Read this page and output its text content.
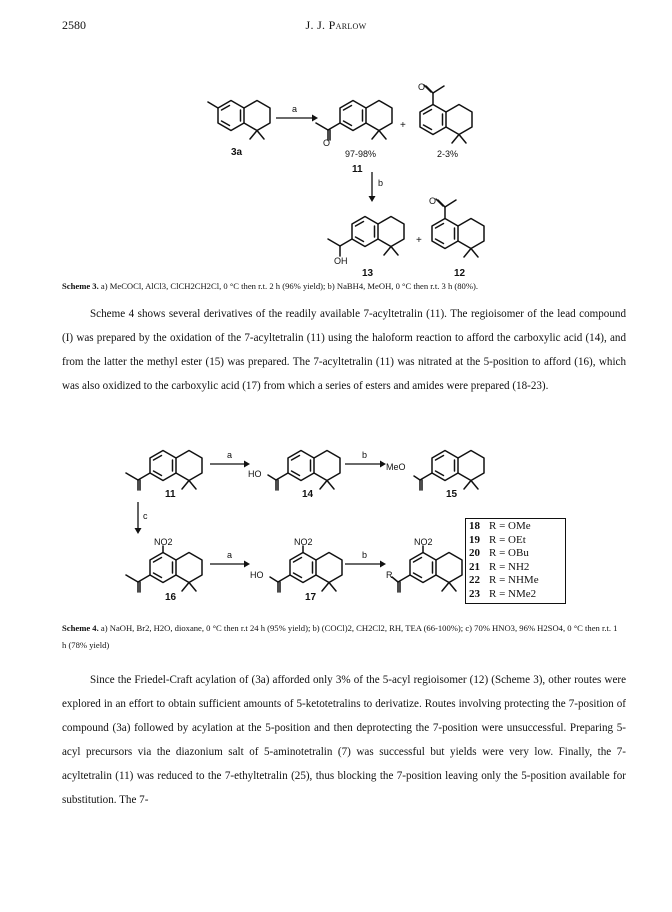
2580	J. J. Parlow
3a
a
O
97-98%
11
+
O
2-3%
b
OH
13
+
O
12
Scheme 3. a) MeCOCl, AlCl3, ClCH2CH2Cl, 0 °C then r.t. 2 h (96% yield); b) NaBH4, MeOH, 0 °C then r.t. 3 h (80%).
Scheme 4 shows several derivatives of the readily available 7-acyltetralin (11). The regioisomer of the lead compound (I) was prepared by the oxidation of the 7-acyltetralin (11) using the haloform reaction to afford the carboxylic acid (14), and from the latter the methyl ester (15) was prepared. The 7-acyltetralin (11) was nitrated at the 5-position to afford (16), which was also oxidized to the carboxylic acid (17) from which a series of esters and amides were prepared (18-23).
11
a
HO
14
b
MeO
15
c
NO2
16
a
NO2
HO
17
b
NO2
R
18 R = OMe
19 R = OEt
20 R = OBu
21 R = NH2
22 R = NHMe
23 R = NMe2
Scheme 4. a) NaOH, Br2, H2O, dioxane, 0 °C then r.t 24 h (95% yield); b) (COCl)2, CH2Cl2, RH, TEA (66-100%); c) 70% HNO3, 96% H2SO4, 0 °C then r.t. 1 h (78% yield)
Since the Friedel-Craft acylation of (3a) afforded only 3% of the 5-acyl regioisomer (12) (Scheme 3), other routes were explored in an effort to obtain sufficient amounts of 5-ketotetralins to derivatize. Routes involving protecting the 7-position of compound (3a) followed by acylation at the 5-position and then deprotecting the 7-position were unsuccessful. Preparing 5-acyl precursors via the diazonium salt of 5-aminotetralin (7) was successful but yields were very low. Finally, the 7-acyltetralin (11) was reduced to the 7-ethyltetralin (25), thus blocking the 7-position leaving only the 5-position available for substitution. The 7-
